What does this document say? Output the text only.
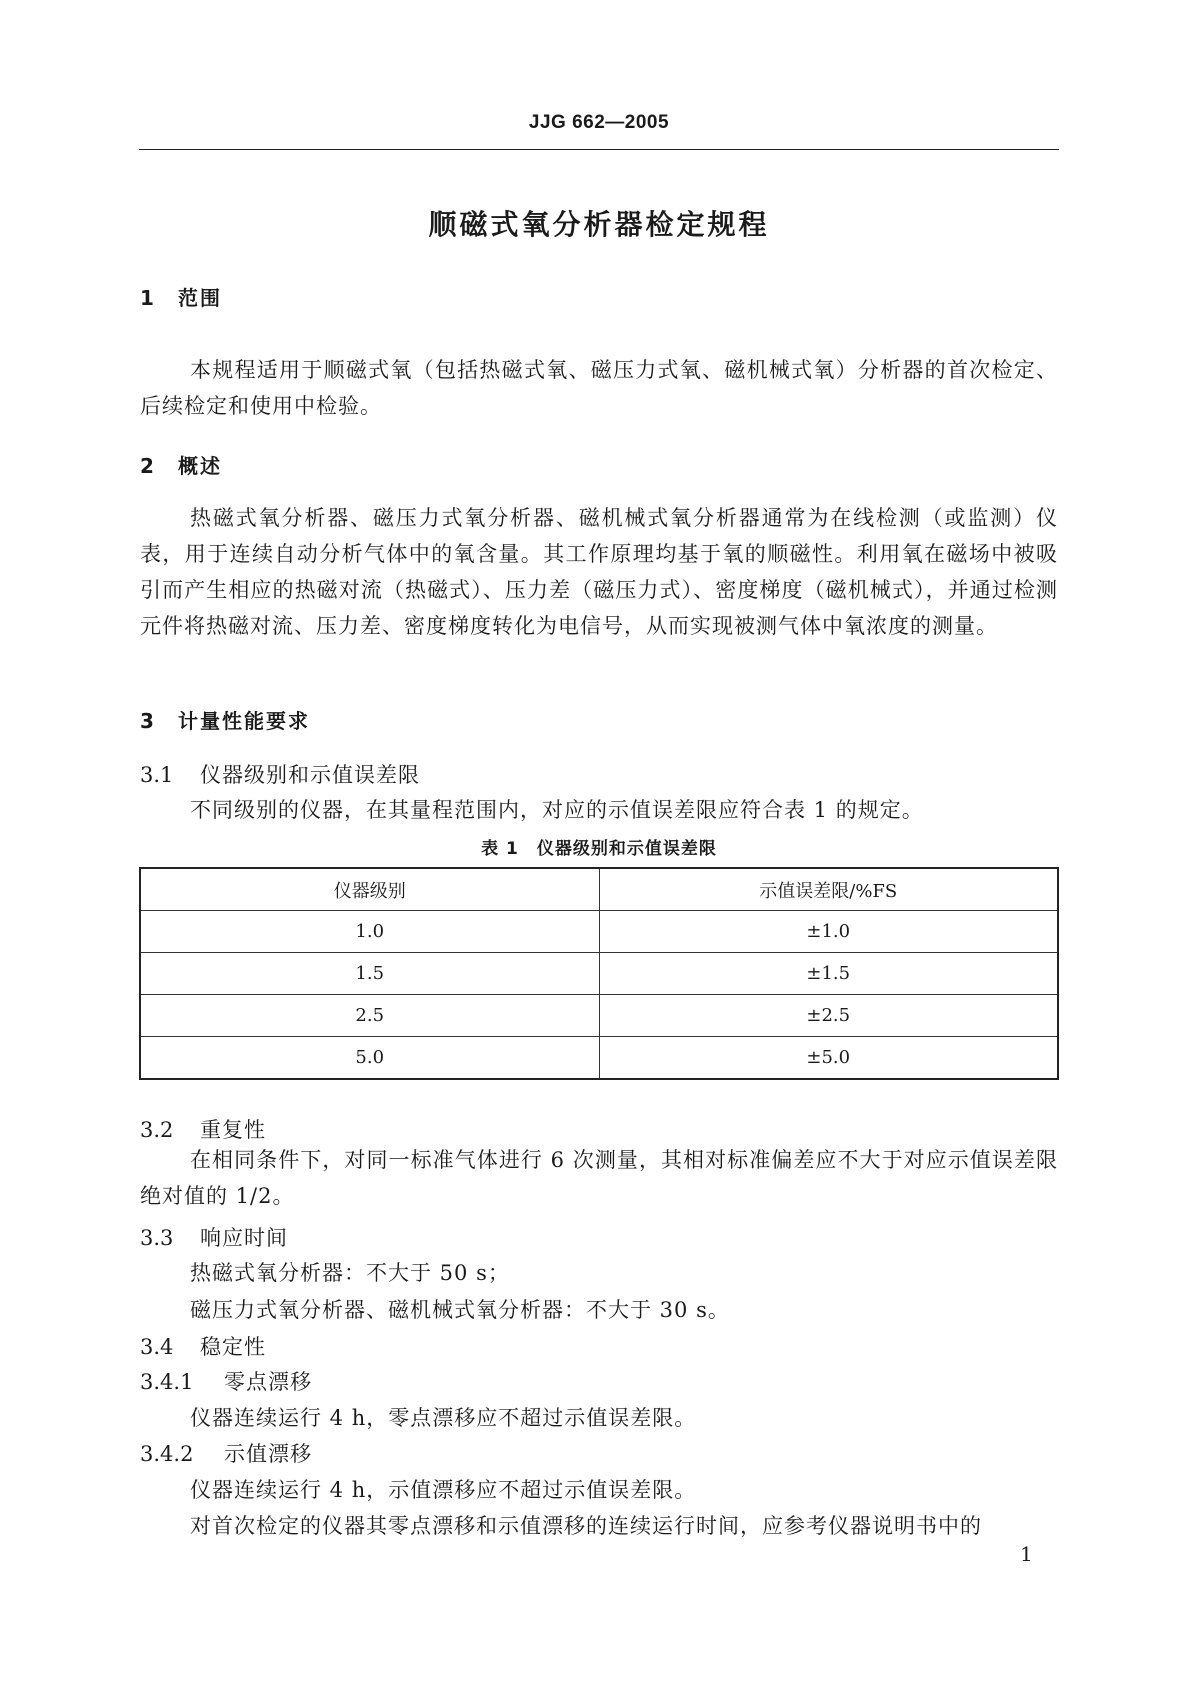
JJG 662—2005
顺磁式氧分析器检定规程
1 范围

本规程适用于顺磁式氧（包括热磁式氧、磁压力式氧、磁机械式氧）分析器的首次检定、后续检定和使用中检验。

2 概述

热磁式氧分析器、磁压力式氧分析器、磁机械式氧分析器通常为在线检测（或监测）仪表，用于连续自动分析气体中的氧含量。其工作原理均基于氧的顺磁性。利用氧在磁场中被吸引而产生相应的热磁对流（热磁式）、压力差（磁压力式）、密度梯度（磁机械式），并通过检测元件将热磁对流、压力差、密度梯度转化为电信号，从而实现被测气体中氧浓度的测量。

3 计量性能要求
3.1 仪器级别和示值误差限
不同级别的仪器，在其量程范围内，对应的示值误差限应符合表 1 的规定。
表 1　仪器级别和示值误差限
仪器级别	示值误差限/%FS
1.0	±1.0
1.5	±1.5
2.5	±2.5
5.0	±5.0
3.2 重复性

在相同条件下，对同一标准气体进行 6 次测量，其相对标准偏差应不大于对应示值误差限绝对值的 1/2。

3.3 响应时间
热磁式氧分析器：不大于 50 s；
磁压力式氧分析器、磁机械式氧分析器：不大于 30 s。
3.4 稳定性
3.4.1 零点漂移
仪器连续运行 4 h，零点漂移应不超过示值误差限。
3.4.2 示值漂移
仪器连续运行 4 h，示值漂移应不超过示值误差限。
对首次检定的仪器其零点漂移和示值漂移的连续运行时间，应参考仪器说明书中的
1
